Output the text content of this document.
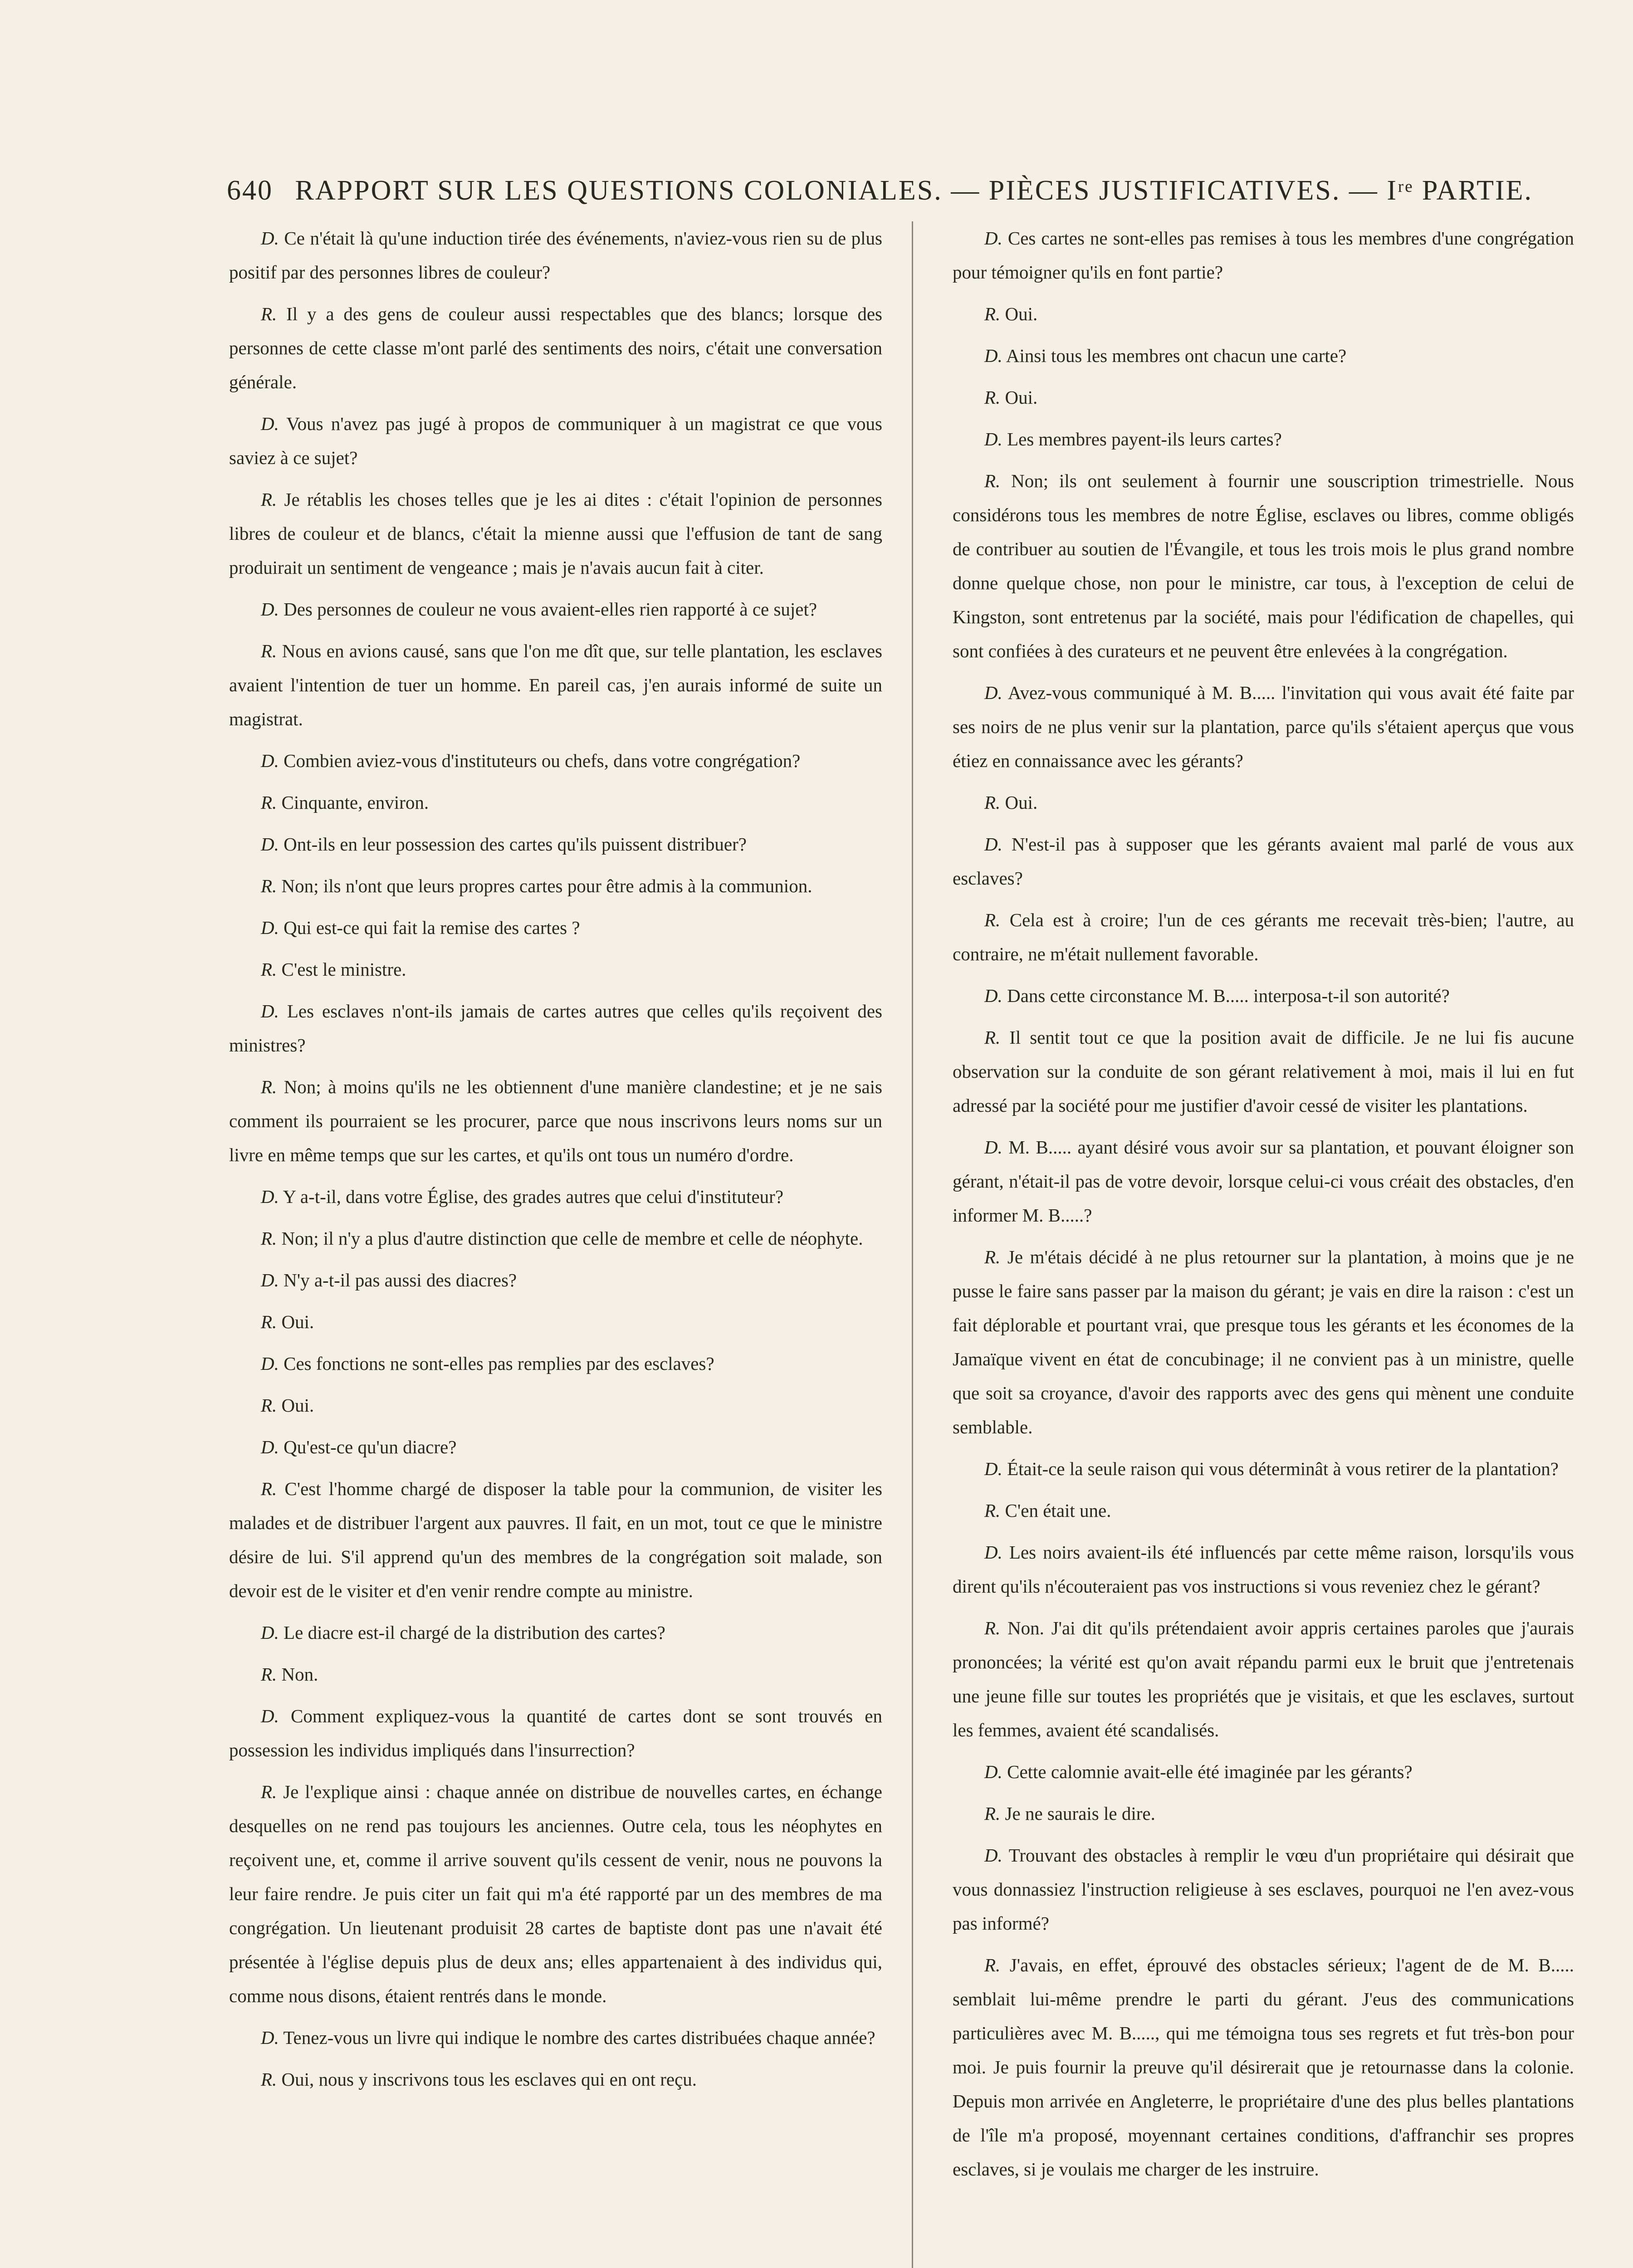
640 RAPPORT SUR LES QUESTIONS COLONIALES. — PIÈCES JUSTIFICATIVES. — Iʳᵉ PARTIE.

D. Ce n'était là qu'une induction tirée des événements, n'aviez-vous rien su de plus positif par des personnes libres de couleur?

R. Il y a des gens de couleur aussi respectables que des blancs; lorsque des personnes de cette classe m'ont parlé des sentiments des noirs, c'était une conversation générale.

D. Vous n'avez pas jugé à propos de communiquer à un magistrat ce que vous saviez à ce sujet?

R. Je rétablis les choses telles que je les ai dites : c'était l'opinion de personnes libres de couleur et de blancs, c'était la mienne aussi que l'effusion de tant de sang produirait un sentiment de vengeance ; mais je n'avais aucun fait à citer.

D. Des personnes de couleur ne vous avaient-elles rien rapporté à ce sujet?

R. Nous en avions causé, sans que l'on me dît que, sur telle plantation, les esclaves avaient l'intention de tuer un homme. En pareil cas, j'en aurais informé de suite un magistrat.

D. Combien aviez-vous d'instituteurs ou chefs, dans votre congrégation?

R. Cinquante, environ.

D. Ont-ils en leur possession des cartes qu'ils puissent distribuer?

R. Non; ils n'ont que leurs propres cartes pour être admis à la communion.

D. Qui est-ce qui fait la remise des cartes ?

R. C'est le ministre.

D. Les esclaves n'ont-ils jamais de cartes autres que celles qu'ils reçoivent des ministres?

R. Non; à moins qu'ils ne les obtiennent d'une manière clandestine; et je ne sais comment ils pourraient se les procurer, parce que nous inscrivons leurs noms sur un livre en même temps que sur les cartes, et qu'ils ont tous un numéro d'ordre.

D. Y a-t-il, dans votre Église, des grades autres que celui d'instituteur?

R. Non; il n'y a plus d'autre distinction que celle de membre et celle de néophyte.

D. N'y a-t-il pas aussi des diacres?

R. Oui.

D. Ces fonctions ne sont-elles pas remplies par des esclaves?

R. Oui.

D. Qu'est-ce qu'un diacre?

R. C'est l'homme chargé de disposer la table pour la communion, de visiter les malades et de distribuer l'argent aux pauvres. Il fait, en un mot, tout ce que le ministre désire de lui. S'il apprend qu'un des membres de la congrégation soit malade, son devoir est de le visiter et d'en venir rendre compte au ministre.

D. Le diacre est-il chargé de la distribution des cartes?

R. Non.

D. Comment expliquez-vous la quantité de cartes dont se sont trouvés en possession les individus impliqués dans l'insurrection?

R. Je l'explique ainsi : chaque année on distribue de nouvelles cartes, en échange desquelles on ne rend pas toujours les anciennes. Outre cela, tous les néophytes en reçoivent une, et, comme il arrive souvent qu'ils cessent de venir, nous ne pouvons la leur faire rendre. Je puis citer un fait qui m'a été rapporté par un des membres de ma congrégation. Un lieutenant produisit 28 cartes de baptiste dont pas une n'avait été présentée à l'église depuis plus de deux ans; elles appartenaient à des individus qui, comme nous disons, étaient rentrés dans le monde.

D. Tenez-vous un livre qui indique le nombre des cartes distribuées chaque année?

R. Oui, nous y inscrivons tous les esclaves qui en ont reçu.

D. Ces cartes ne sont-elles pas remises à tous les membres d'une congrégation pour témoigner qu'ils en font partie?

R. Oui.

D. Ainsi tous les membres ont chacun une carte?

R. Oui.

D. Les membres payent-ils leurs cartes?

R. Non; ils ont seulement à fournir une souscription trimestrielle. Nous considérons tous les membres de notre Église, esclaves ou libres, comme obligés de contribuer au soutien de l'Évangile, et tous les trois mois le plus grand nombre donne quelque chose, non pour le ministre, car tous, à l'exception de celui de Kingston, sont entretenus par la société, mais pour l'édification de chapelles, qui sont confiées à des curateurs et ne peuvent être enlevées à la congrégation.

D. Avez-vous communiqué à M. B..... l'invitation qui vous avait été faite par ses noirs de ne plus venir sur la plantation, parce qu'ils s'étaient aperçus que vous étiez en connaissance avec les gérants?

R. Oui.

D. N'est-il pas à supposer que les gérants avaient mal parlé de vous aux esclaves?

R. Cela est à croire; l'un de ces gérants me recevait très-bien; l'autre, au contraire, ne m'était nullement favorable.

D. Dans cette circonstance M. B..... interposa-t-il son autorité?

R. Il sentit tout ce que la position avait de difficile. Je ne lui fis aucune observation sur la conduite de son gérant relativement à moi, mais il lui en fut adressé par la société pour me justifier d'avoir cessé de visiter les plantations.

D. M. B..... ayant désiré vous avoir sur sa plantation, et pouvant éloigner son gérant, n'était-il pas de votre devoir, lorsque celui-ci vous créait des obstacles, d'en informer M. B.....?

R. Je m'étais décidé à ne plus retourner sur la plantation, à moins que je ne pusse le faire sans passer par la maison du gérant; je vais en dire la raison : c'est un fait déplorable et pourtant vrai, que presque tous les gérants et les économes de la Jamaïque vivent en état de concubinage; il ne convient pas à un ministre, quelle que soit sa croyance, d'avoir des rapports avec des gens qui mènent une conduite semblable.

D. Était-ce la seule raison qui vous déterminât à vous retirer de la plantation?

R. C'en était une.

D. Les noirs avaient-ils été influencés par cette même raison, lorsqu'ils vous dirent qu'ils n'écouteraient pas vos instructions si vous reveniez chez le gérant?

R. Non. J'ai dit qu'ils prétendaient avoir appris certaines paroles que j'aurais prononcées; la vérité est qu'on avait répandu parmi eux le bruit que j'entretenais une jeune fille sur toutes les propriétés que je visitais, et que les esclaves, surtout les femmes, avaient été scandalisés.

D. Cette calomnie avait-elle été imaginée par les gérants?

R. Je ne saurais le dire.

D. Trouvant des obstacles à remplir le vœu d'un propriétaire qui désirait que vous donnassiez l'instruction religieuse à ses esclaves, pourquoi ne l'en avez-vous pas informé?

R. J'avais, en effet, éprouvé des obstacles sérieux; l'agent de de M. B..... semblait lui-même prendre le parti du gérant. J'eus des communications particulières avec M. B....., qui me témoigna tous ses regrets et fut très-bon pour moi. Je puis fournir la preuve qu'il désirerait que je retournasse dans la colonie. Depuis mon arrivée en Angleterre, le propriétaire d'une des plus belles plantations de l'île m'a proposé, moyennant certaines conditions, d'affranchir ses propres esclaves, si je voulais me charger de les instruire.
